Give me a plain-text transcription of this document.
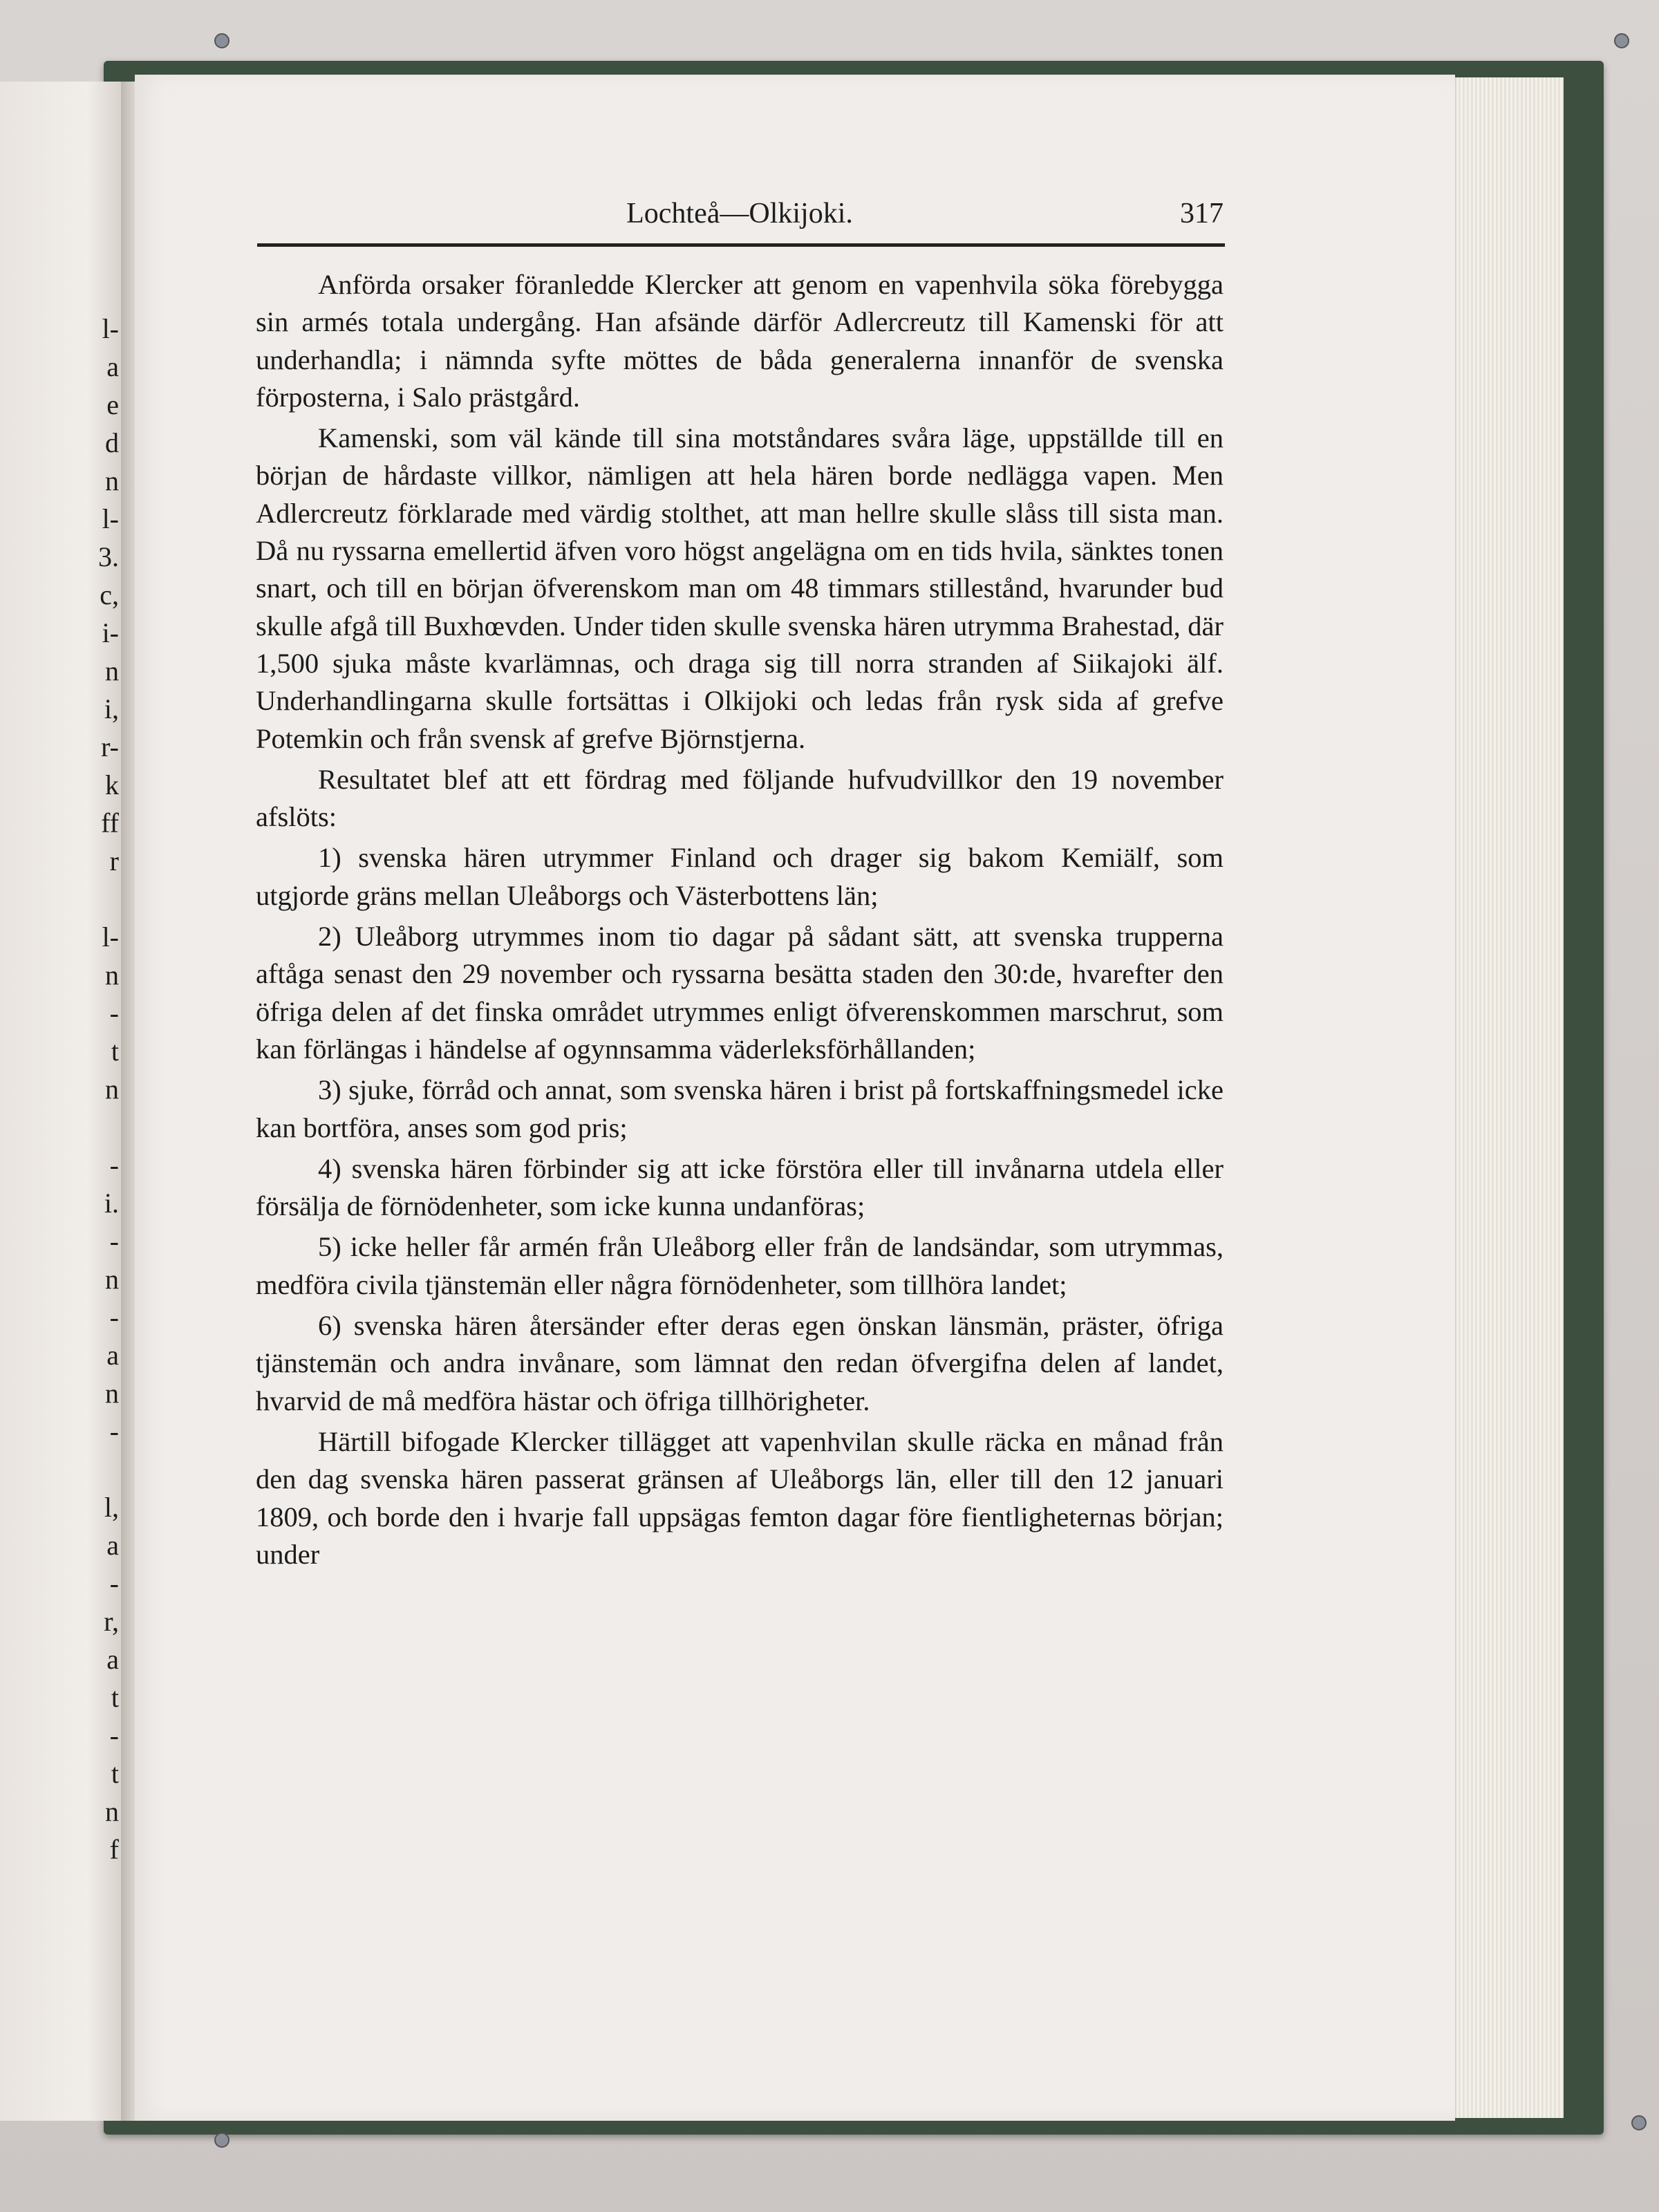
l-
a
e
d
n
l-
3.
c,
i-
n
i,
r-
k
ff
r

l-
n
-
t
n

-
i.
-
n
-
a
n
-

l,
a
-
r,
a
t
-
t
n
f
Lochteå—Olkijoki.	317

Anförda orsaker föranledde Klercker att genom en vapenhvila söka förebygga sin armés totala undergång. Han afsände därför Adlercreutz till Kamenski för att underhandla; i nämnda syfte möttes de båda generalerna innanför de svenska förposterna, i Salo prästgård.

Kamenski, som väl kände till sina motståndares svåra läge, uppställde till en början de hårdaste villkor, nämligen att hela hären borde nedlägga vapen. Men Adlercreutz förklarade med värdig stolthet, att man hellre skulle slåss till sista man. Då nu ryssarna emellertid äfven voro högst angelägna om en tids hvila, sänktes tonen snart, och till en början öfverenskom man om 48 timmars stillestånd, hvarunder bud skulle afgå till Buxhœvden. Under tiden skulle svenska hären utrymma Brahestad, där 1,500 sjuka måste kvarlämnas, och draga sig till norra stranden af Siikajoki älf. Underhandlingarna skulle fortsättas i Olkijoki och ledas från rysk sida af grefve Potemkin och från svensk af grefve Björnstjerna.

Resultatet blef att ett fördrag med följande hufvudvillkor den 19 november afslöts:

1) svenska hären utrymmer Finland och drager sig bakom Kemiälf, som utgjorde gräns mellan Uleåborgs och Västerbottens län;

2) Uleåborg utrymmes inom tio dagar på sådant sätt, att svenska trupperna aftåga senast den 29 november och ryssarna besätta staden den 30:de, hvarefter den öfriga delen af det finska området utrymmes enligt öfverenskommen marschrut, som kan förlängas i händelse af ogynnsamma väderleksförhållanden;

3) sjuke, förråd och annat, som svenska hären i brist på fortskaffningsmedel icke kan bortföra, anses som god pris;

4) svenska hären förbinder sig att icke förstöra eller till invånarna utdela eller försälja de förnödenheter, som icke kunna undanföras;

5) icke heller får armén från Uleåborg eller från de landsändar, som utrymmas, medföra civila tjänstemän eller några förnödenheter, som tillhöra landet;

6) svenska hären återsänder efter deras egen önskan länsmän, präster, öfriga tjänstemän och andra invånare, som lämnat den redan öfvergifna delen af landet, hvarvid de må medföra hästar och öfriga tillhörigheter.

Härtill bifogade Klercker tillägget att vapenhvilan skulle räcka en månad från den dag svenska hären passerat gränsen af Uleåborgs län, eller till den 12 januari 1809, och borde den i hvarje fall uppsägas femton dagar före fientligheternas början; under
